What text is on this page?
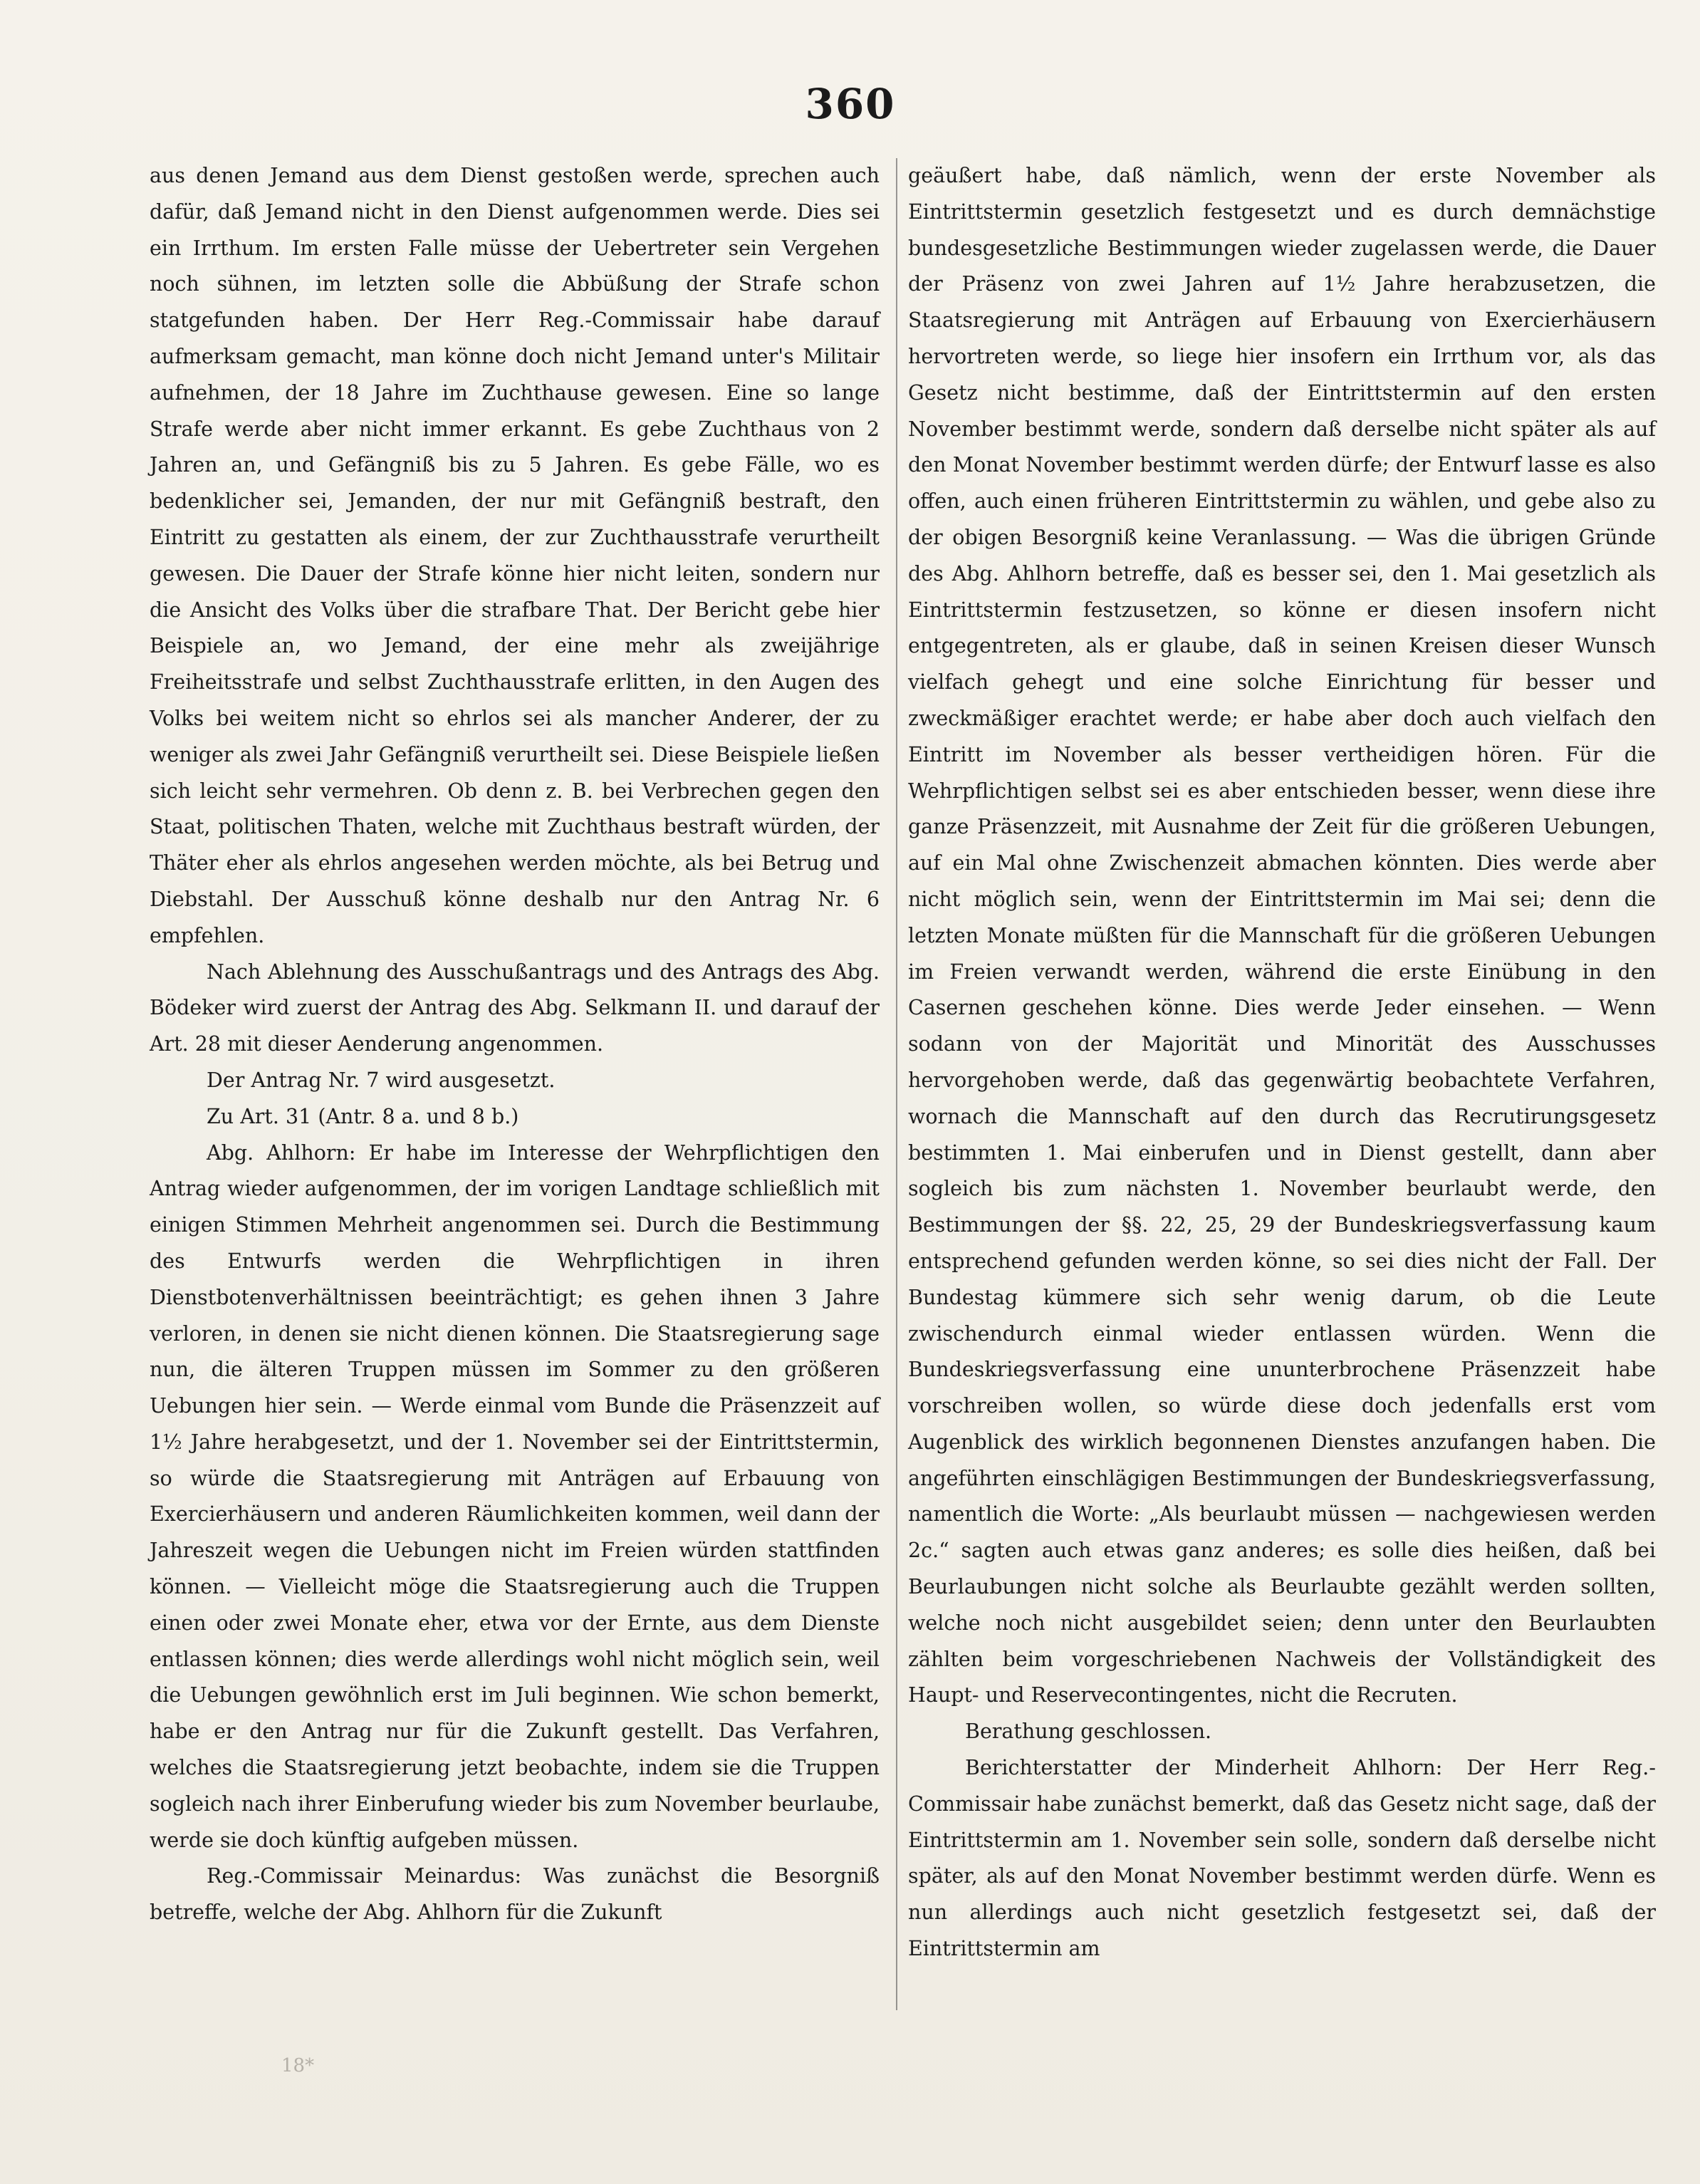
360

aus denen Jemand aus dem Dienst gestoßen werde, sprechen auch dafür, daß Jemand nicht in den Dienst aufgenommen werde. Dies sei ein Irrthum. Im ersten Falle müsse der Uebertreter sein Vergehen noch sühnen, im letzten solle die Abbüßung der Strafe schon statgefunden haben. Der Herr Reg.-Commissair habe darauf aufmerksam gemacht, man könne doch nicht Jemand unter's Militair aufnehmen, der 18 Jahre im Zuchthause gewesen. Eine so lange Strafe werde aber nicht immer erkannt. Es gebe Zuchthaus von 2 Jahren an, und Gefängniß bis zu 5 Jahren. Es gebe Fälle, wo es bedenklicher sei, Jemanden, der nur mit Gefängniß bestraft, den Eintritt zu gestatten als einem, der zur Zuchthausstrafe verurtheilt gewesen. Die Dauer der Strafe könne hier nicht leiten, sondern nur die Ansicht des Volks über die strafbare That. Der Bericht gebe hier Beispiele an, wo Jemand, der eine mehr als zweijährige Freiheitsstrafe und selbst Zuchthausstrafe erlitten, in den Augen des Volks bei weitem nicht so ehrlos sei als mancher Anderer, der zu weniger als zwei Jahr Gefängniß verurtheilt sei. Diese Beispiele ließen sich leicht sehr vermehren. Ob denn z. B. bei Verbrechen gegen den Staat, politischen Thaten, welche mit Zuchthaus bestraft würden, der Thäter eher als ehrlos angesehen werden möchte, als bei Betrug und Diebstahl. Der Ausschuß könne deshalb nur den Antrag Nr. 6 empfehlen.

Nach Ablehnung des Ausschußantrags und des Antrags des Abg. Bödeker wird zuerst der Antrag des Abg. Selkmann II. und darauf der Art. 28 mit dieser Aenderung angenommen.

Der Antrag Nr. 7 wird ausgesetzt.

Zu Art. 31 (Antr. 8 a. und 8 b.)

Abg. Ahlhorn: Er habe im Interesse der Wehrpflichtigen den Antrag wieder aufgenommen, der im vorigen Landtage schließlich mit einigen Stimmen Mehrheit angenommen sei. Durch die Bestimmung des Entwurfs werden die Wehrpflichtigen in ihren Dienstbotenverhältnissen beeinträchtigt; es gehen ihnen 3 Jahre verloren, in denen sie nicht dienen können. Die Staatsregierung sage nun, die älteren Truppen müssen im Sommer zu den größeren Uebungen hier sein. — Werde einmal vom Bunde die Präsenzzeit auf 1½ Jahre herabgesetzt, und der 1. November sei der Eintrittstermin, so würde die Staatsregierung mit Anträgen auf Erbauung von Exercierhäusern und anderen Räumlichkeiten kommen, weil dann der Jahreszeit wegen die Uebungen nicht im Freien würden stattfinden können. — Vielleicht möge die Staatsregierung auch die Truppen einen oder zwei Monate eher, etwa vor der Ernte, aus dem Dienste entlassen können; dies werde allerdings wohl nicht möglich sein, weil die Uebungen gewöhnlich erst im Juli beginnen. Wie schon bemerkt, habe er den Antrag nur für die Zukunft gestellt. Das Verfahren, welches die Staatsregierung jetzt beobachte, indem sie die Truppen sogleich nach ihrer Einberufung wieder bis zum November beurlaube, werde sie doch künftig aufgeben müssen.

Reg.-Commissair Meinardus: Was zunächst die Besorgniß betreffe, welche der Abg. Ahlhorn für die Zukunft

geäußert habe, daß nämlich, wenn der erste November als Eintrittstermin gesetzlich festgesetzt und es durch demnächstige bundesgesetzliche Bestimmungen wieder zugelassen werde, die Dauer der Präsenz von zwei Jahren auf 1½ Jahre herabzusetzen, die Staatsregierung mit Anträgen auf Erbauung von Exercierhäusern hervortreten werde, so liege hier insofern ein Irrthum vor, als das Gesetz nicht bestimme, daß der Eintrittstermin auf den ersten November bestimmt werde, sondern daß derselbe nicht später als auf den Monat November bestimmt werden dürfe; der Entwurf lasse es also offen, auch einen früheren Eintrittstermin zu wählen, und gebe also zu der obigen Besorgniß keine Veranlassung. — Was die übrigen Gründe des Abg. Ahlhorn betreffe, daß es besser sei, den 1. Mai gesetzlich als Eintrittstermin festzusetzen, so könne er diesen insofern nicht entgegentreten, als er glaube, daß in seinen Kreisen dieser Wunsch vielfach gehegt und eine solche Einrichtung für besser und zweckmäßiger erachtet werde; er habe aber doch auch vielfach den Eintritt im November als besser vertheidigen hören. Für die Wehrpflichtigen selbst sei es aber entschieden besser, wenn diese ihre ganze Präsenzzeit, mit Ausnahme der Zeit für die größeren Uebungen, auf ein Mal ohne Zwischenzeit abmachen könnten. Dies werde aber nicht möglich sein, wenn der Eintrittstermin im Mai sei; denn die letzten Monate müßten für die Mannschaft für die größeren Uebungen im Freien verwandt werden, während die erste Einübung in den Casernen geschehen könne. Dies werde Jeder einsehen. — Wenn sodann von der Majorität und Minorität des Ausschusses hervorgehoben werde, daß das gegenwärtig beobachtete Verfahren, wornach die Mannschaft auf den durch das Recrutirungsgesetz bestimmten 1. Mai einberufen und in Dienst gestellt, dann aber sogleich bis zum nächsten 1. November beurlaubt werde, den Bestimmungen der §§. 22, 25, 29 der Bundeskriegsverfassung kaum entsprechend gefunden werden könne, so sei dies nicht der Fall. Der Bundestag kümmere sich sehr wenig darum, ob die Leute zwischendurch einmal wieder entlassen würden. Wenn die Bundeskriegsverfassung eine ununterbrochene Präsenzzeit habe vorschreiben wollen, so würde diese doch jedenfalls erst vom Augenblick des wirklich begonnenen Dienstes anzufangen haben. Die angeführten einschlägigen Bestimmungen der Bundeskriegsverfassung, namentlich die Worte: „Als beurlaubt müssen — nachgewiesen werden 2c.“ sagten auch etwas ganz anderes; es solle dies heißen, daß bei Beurlaubungen nicht solche als Beurlaubte gezählt werden sollten, welche noch nicht ausgebildet seien; denn unter den Beurlaubten zählten beim vorgeschriebenen Nachweis der Vollständigkeit des Haupt- und Reservecontingentes, nicht die Recruten.

Berathung geschlossen.

Berichterstatter der Minderheit Ahlhorn: Der Herr Reg.-Commissair habe zunächst bemerkt, daß das Gesetz nicht sage, daß der Eintrittstermin am 1. November sein solle, sondern daß derselbe nicht später, als auf den Monat November bestimmt werden dürfe. Wenn es nun allerdings auch nicht gesetzlich festgesetzt sei, daß der Eintrittstermin am

18*
